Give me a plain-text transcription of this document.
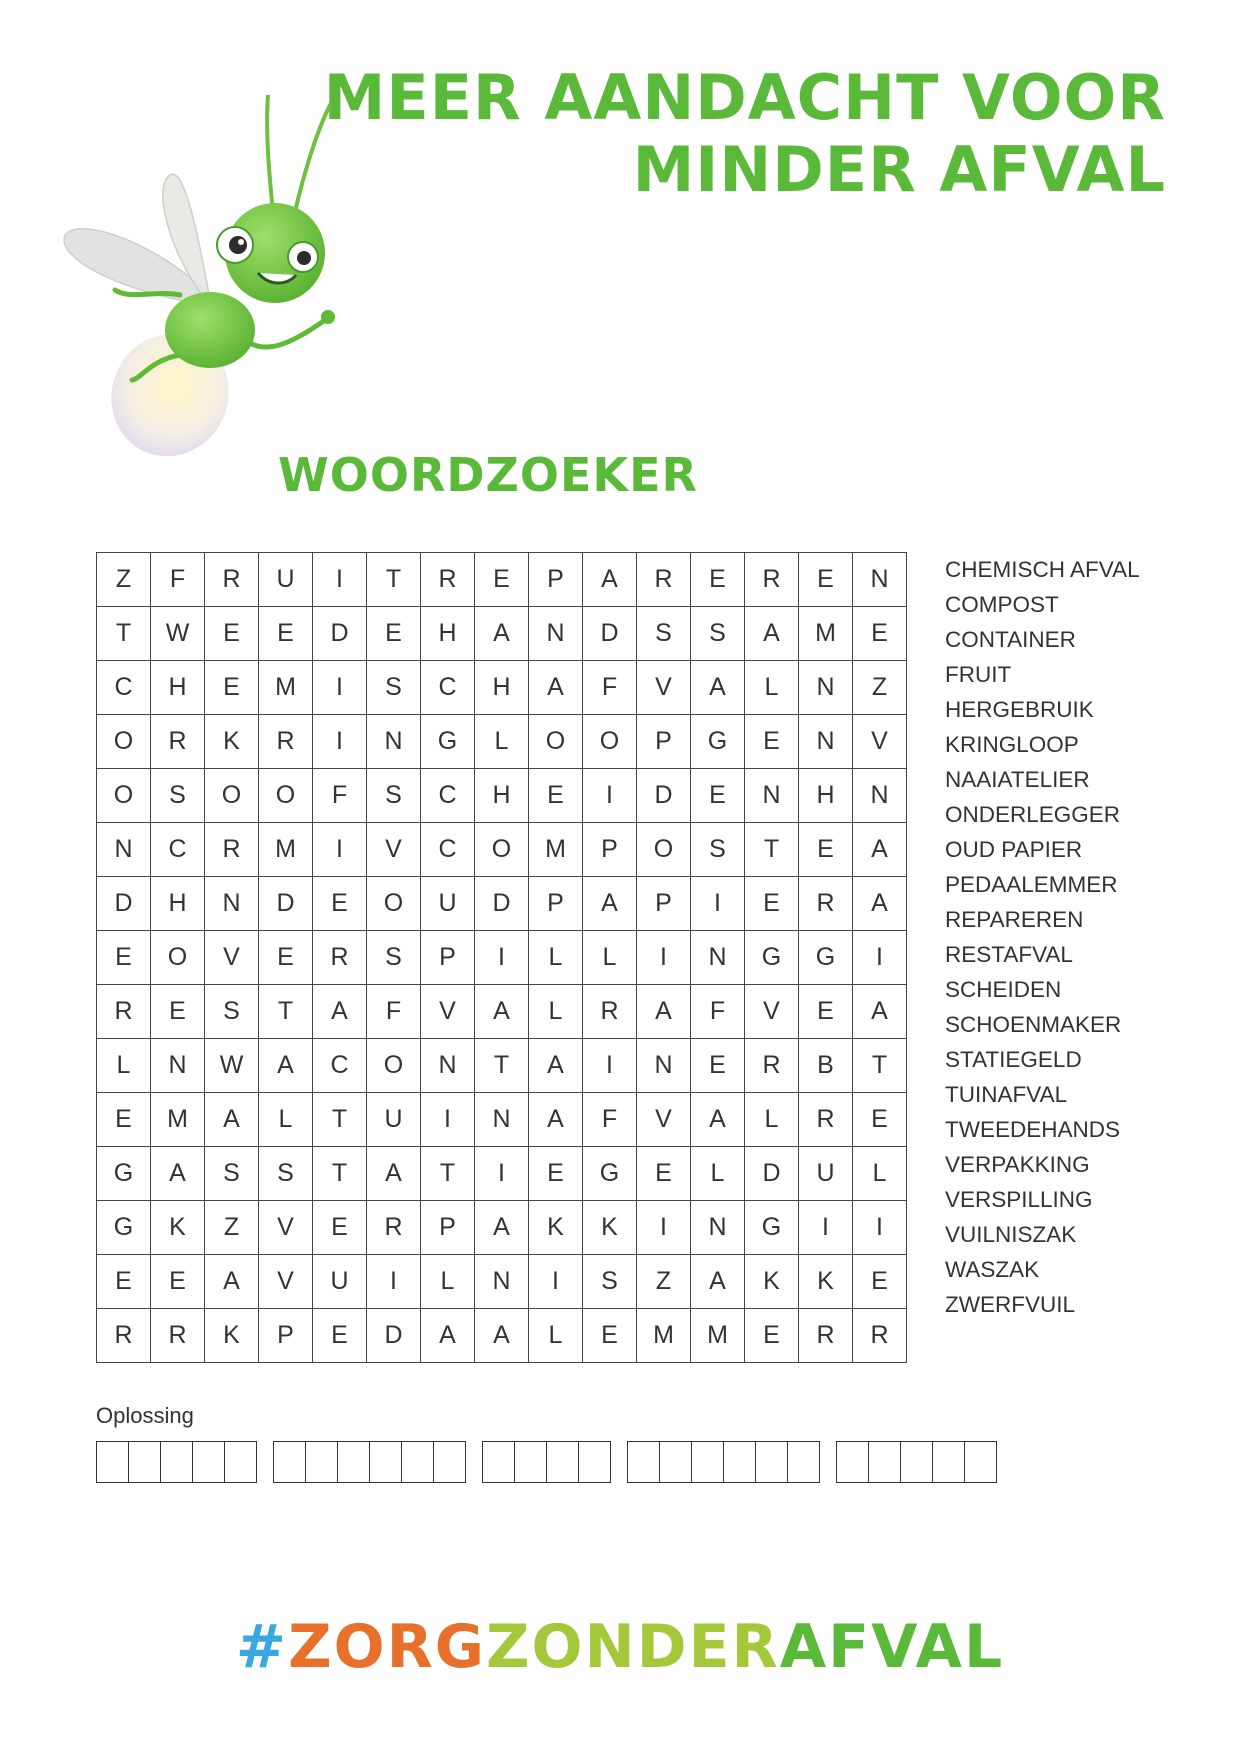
MEER AANDACHT VOOR
MINDER AFVAL
WOORDZOEKER
Z	F	R	U	I	T	R	E	P	A	R	E	R	E	N
T	W	E	E	D	E	H	A	N	D	S	S	A	M	E
C	H	E	M	I	S	C	H	A	F	V	A	L	N	Z
O	R	K	R	I	N	G	L	O	O	P	G	E	N	V
O	S	O	O	F	S	C	H	E	I	D	E	N	H	N
N	C	R	M	I	V	C	O	M	P	O	S	T	E	A
D	H	N	D	E	O	U	D	P	A	P	I	E	R	A
E	O	V	E	R	S	P	I	L	L	I	N	G	G	I
R	E	S	T	A	F	V	A	L	R	A	F	V	E	A
L	N	W	A	C	O	N	T	A	I	N	E	R	B	T
E	M	A	L	T	U	I	N	A	F	V	A	L	R	E
G	A	S	S	T	A	T	I	E	G	E	L	D	U	L
G	K	Z	V	E	R	P	A	K	K	I	N	G	I	I
E	E	A	V	U	I	L	N	I	S	Z	A	K	K	E
R	R	K	P	E	D	A	A	L	E	M	M	E	R	R
CHEMISCH AFVAL
COMPOST
CONTAINER
FRUIT
HERGEBRUIK
KRINGLOOP
NAAIATELIER
ONDERLEGGER
OUD PAPIER
PEDAALEMMER
REPAREREN
RESTAFVAL
SCHEIDEN
SCHOENMAKER
STATIEGELD
TUINAFVAL
TWEEDEHANDS
VERPAKKING
VERSPILLING
VUILNISZAK
WASZAK
ZWERFVUIL
Oplossing
#ZORGZONDERAFVAL
